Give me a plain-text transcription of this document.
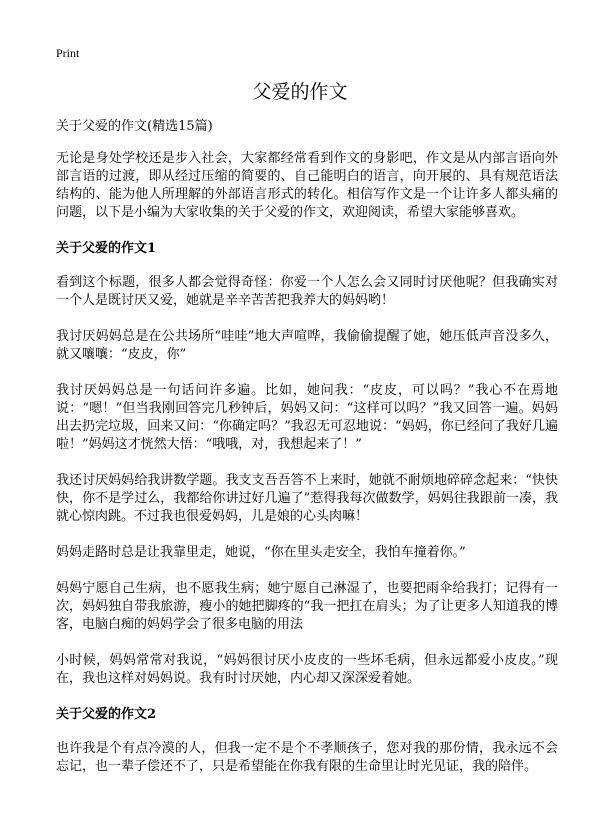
Print
父爱的作文

关于父爱的作文(精选15篇)

无论是身处学校还是步入社会，大家都经常看到作文的身影吧，作文是从内部言语向外部言语的过渡，即从经过压缩的简要的、自己能明白的语言，向开展的、具有规范语法结构的、能为他人所理解的外部语言形式的转化。相信写作文是一个让许多人都头痛的问题，以下是小编为大家收集的关于父爱的作文，欢迎阅读，希望大家能够喜欢。

关于父爱的作文1

看到这个标题，很多人都会觉得奇怪：你爱一个人怎么会又同时讨厌他呢？但我确实对一个人是既讨厌又爱，她就是辛辛苦苦把我养大的妈妈哟！

我讨厌妈妈总是在公共场所“哇哇”地大声喧哗，我偷偷提醒了她，她压低声音没多久，就又嚷嚷：“皮皮，你”

我讨厌妈妈总是一句话问许多遍。比如，她问我：“皮皮，可以吗？”我心不在焉地说：“嗯！”但当我刚回答完几秒钟后，妈妈又问：“这样可以吗？”我又回答一遍。妈妈出去扔完垃圾，回来又问：“你确定吗？”我忍无可忍地说：“妈妈，你已经问了我好几遍啦！”妈妈这才恍然大悟：“哦哦，对，我想起来了！”

我还讨厌妈妈给我讲数学题。我支支吾吾答不上来时，她就不耐烦地碎碎念起来：“快快快，你不是学过么，我都给你讲过好几遍了”惹得我每次做数学，妈妈往我跟前一凑，我就心惊肉跳。不过我也很爱妈妈，儿是娘的心头肉嘛！

妈妈走路时总是让我靠里走，她说，“你在里头走安全，我怕车撞着你。”

妈妈宁愿自己生病，也不愿我生病；她宁愿自己淋湿了，也要把雨伞给我打；记得有一次，妈妈独自带我旅游，瘦小的她把脚疼的“我一把扛在肩头；为了让更多人知道我的博客，电脑白痴的妈妈学会了很多电脑的用法

小时候，妈妈常常对我说，“妈妈很讨厌小皮皮的一些坏毛病，但永远都爱小皮皮。”现在，我也这样对妈妈说。我有时讨厌她，内心却又深深爱着她。

关于父爱的作文2

也许我是个有点冷漠的人，但我一定不是个不孝顺孩子，您对我的那份情，我永远不会忘记，也一辈子偿还不了，只是希望能在你我有限的生命里让时光见证，我的陪伴。
